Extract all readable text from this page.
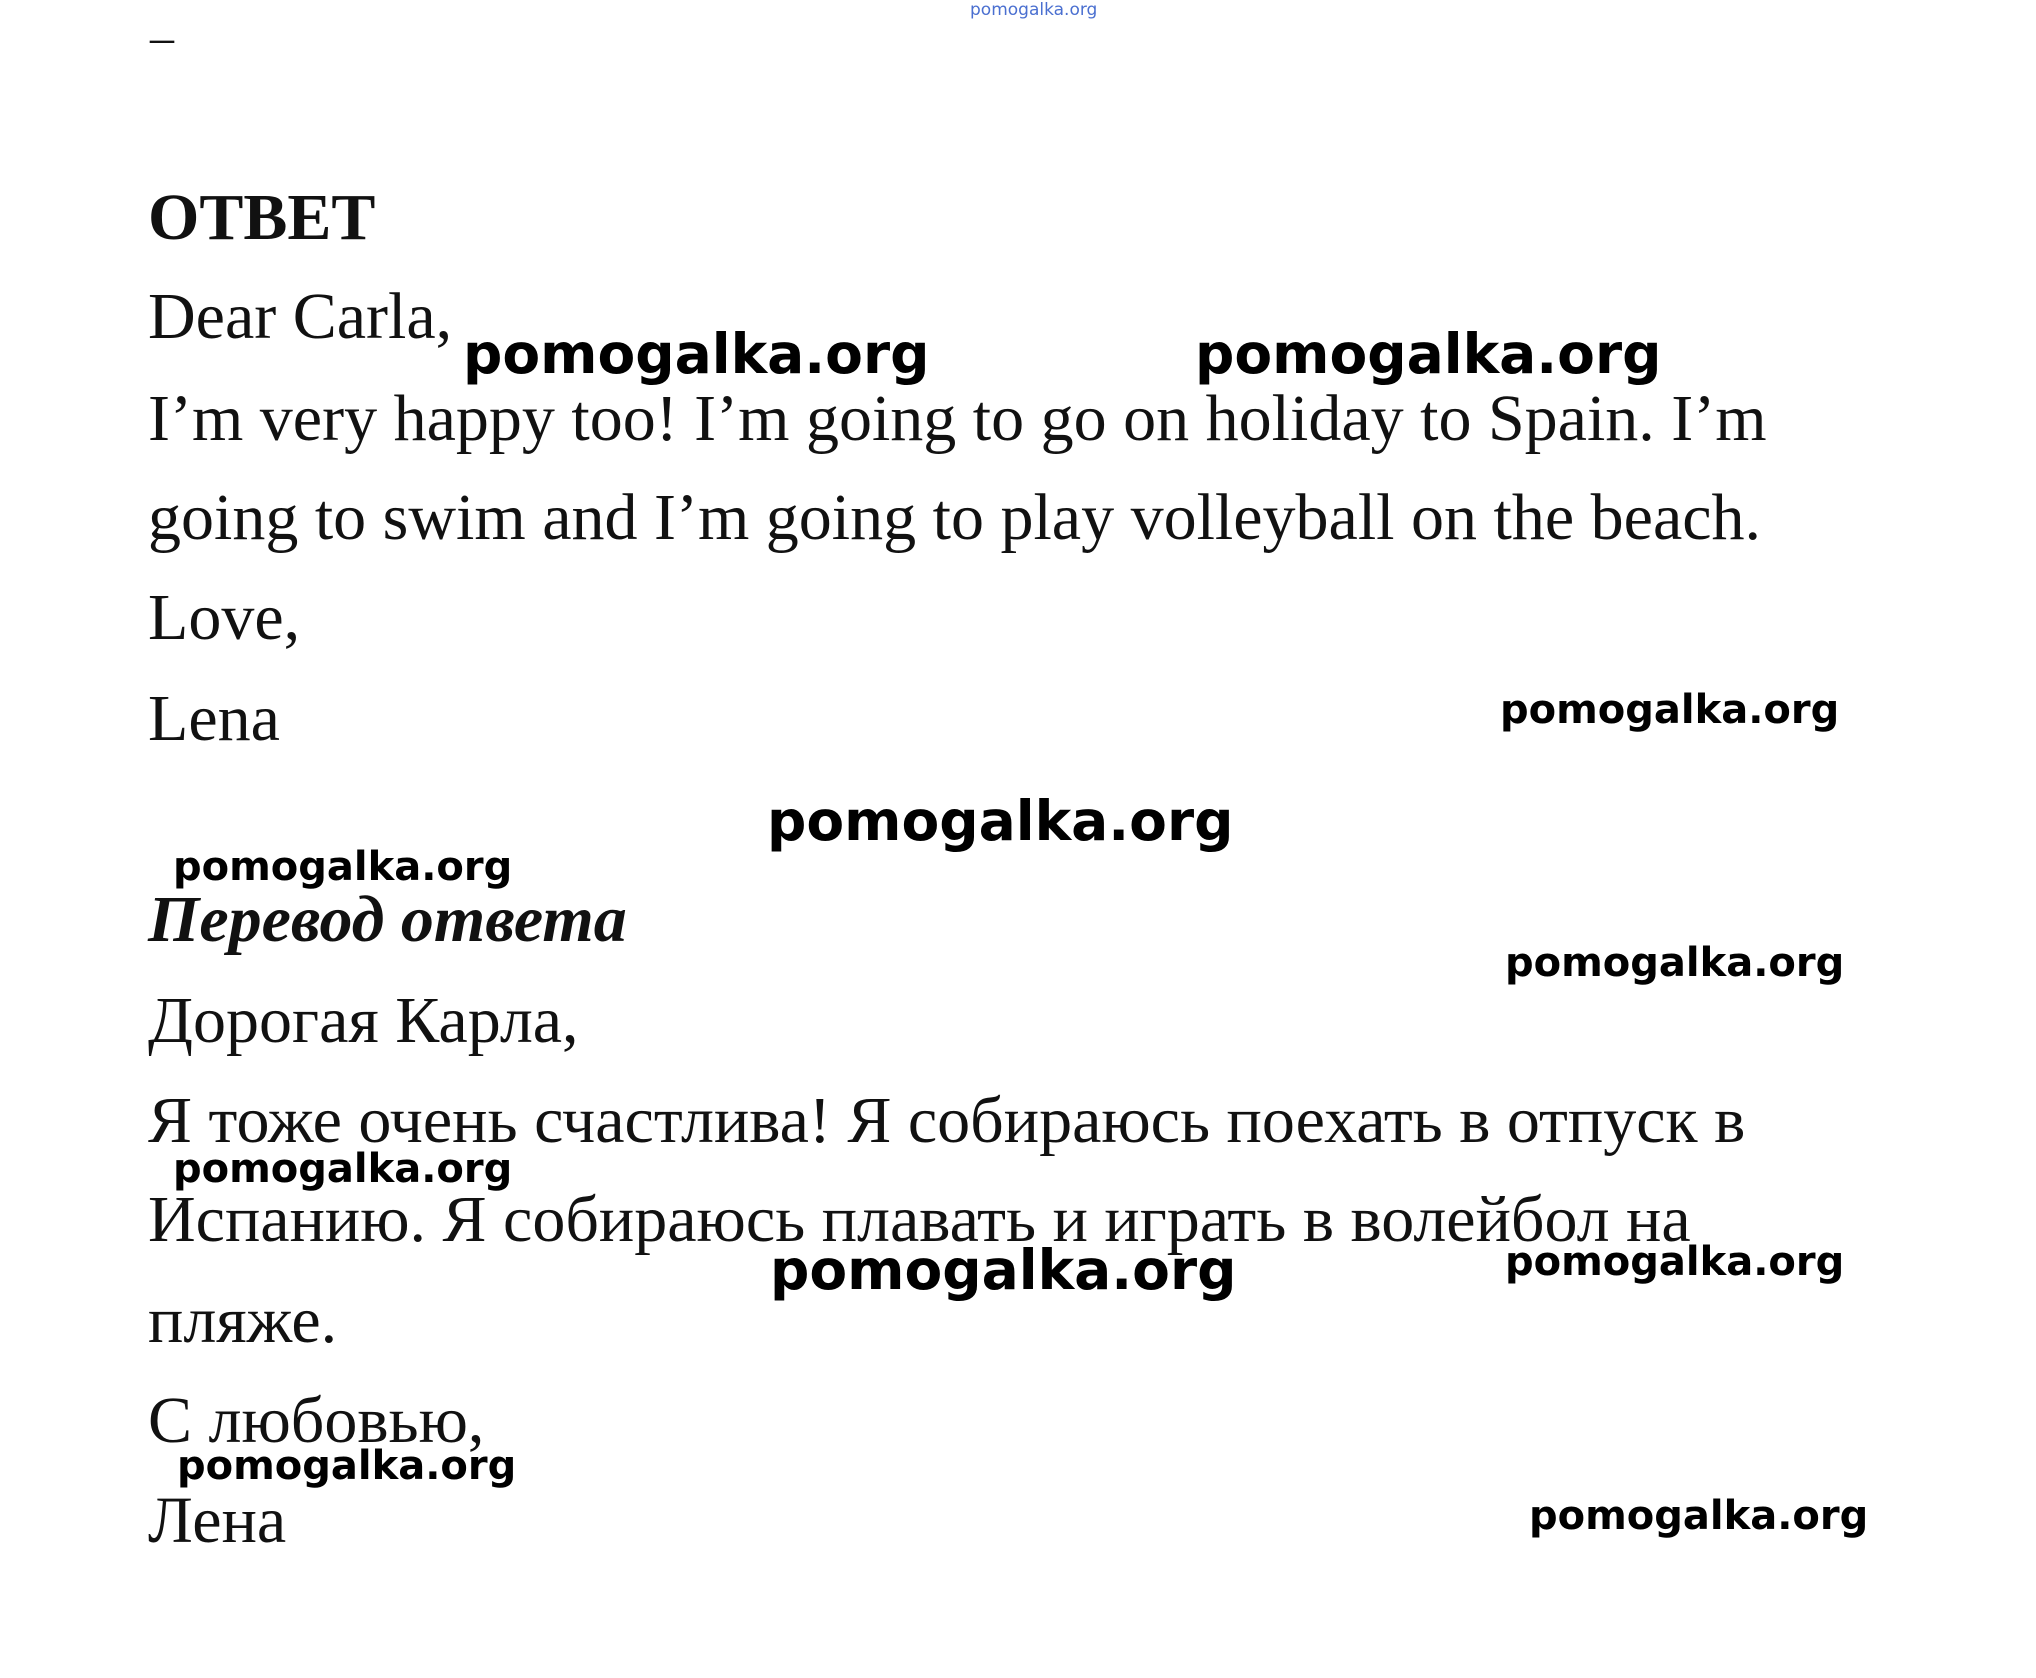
pomogalka.org
–
ОТВЕТ
Dear Carla,
I’m very happy too! I’m going to go on holiday to Spain. I’m
going to swim and I’m going to play volleyball on the beach.
Love,
Lena
Перевод ответа
Дорогая Карла,
Я тоже очень счастлива! Я собираюсь поехать в отпуск в
Испанию. Я собираюсь плавать и играть в волейбол на
пляже.
С любовью,
Лена
pomogalka.org	pomogalka.org
pomogalka.org
pomogalka.org
pomogalka.org
pomogalka.org
pomogalka.org
pomogalka.org	pomogalka.org
pomogalka.org
pomogalka.org
